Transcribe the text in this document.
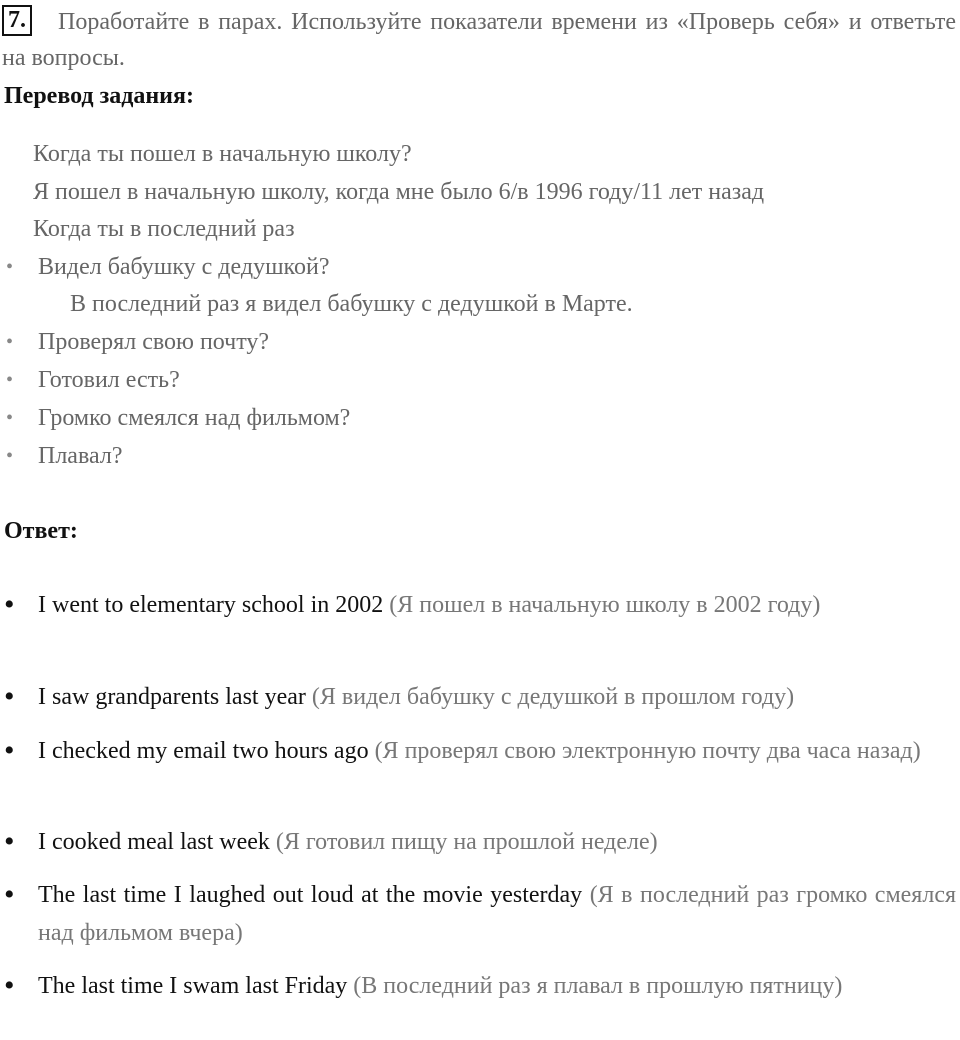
7. Поработайте в парах. Используйте показатели времени из «Проверь себя» и ответьте на вопросы.
Перевод задания:
Когда ты пошел в начальную школу?
Я пошел в начальную школу, когда мне было 6/в 1996 году/11 лет назад
Когда ты в последний раз
• Видел бабушку с дедушкой?
В последний раз я видел бабушку с дедушкой в Марте.
• Проверял свою почту?
• Готовил есть?
• Громко смеялся над фильмом?
• Плавал?
Ответ:
• I went to elementary school in 2002 (Я пошел в начальную школу в 2002 году)
• I saw grandparents last year (Я видел бабушку с дедушкой в прошлом году)
• I checked my email two hours ago (Я проверял свою электронную почту два часа назад)
• I cooked meal last week (Я готовил пищу на прошлой неделе)
• The last time I laughed out loud at the movie yesterday (Я в последний раз громко смеялся над фильмом вчера)
• The last time I swam last Friday (В последний раз я плавал в прошлую пятницу)
